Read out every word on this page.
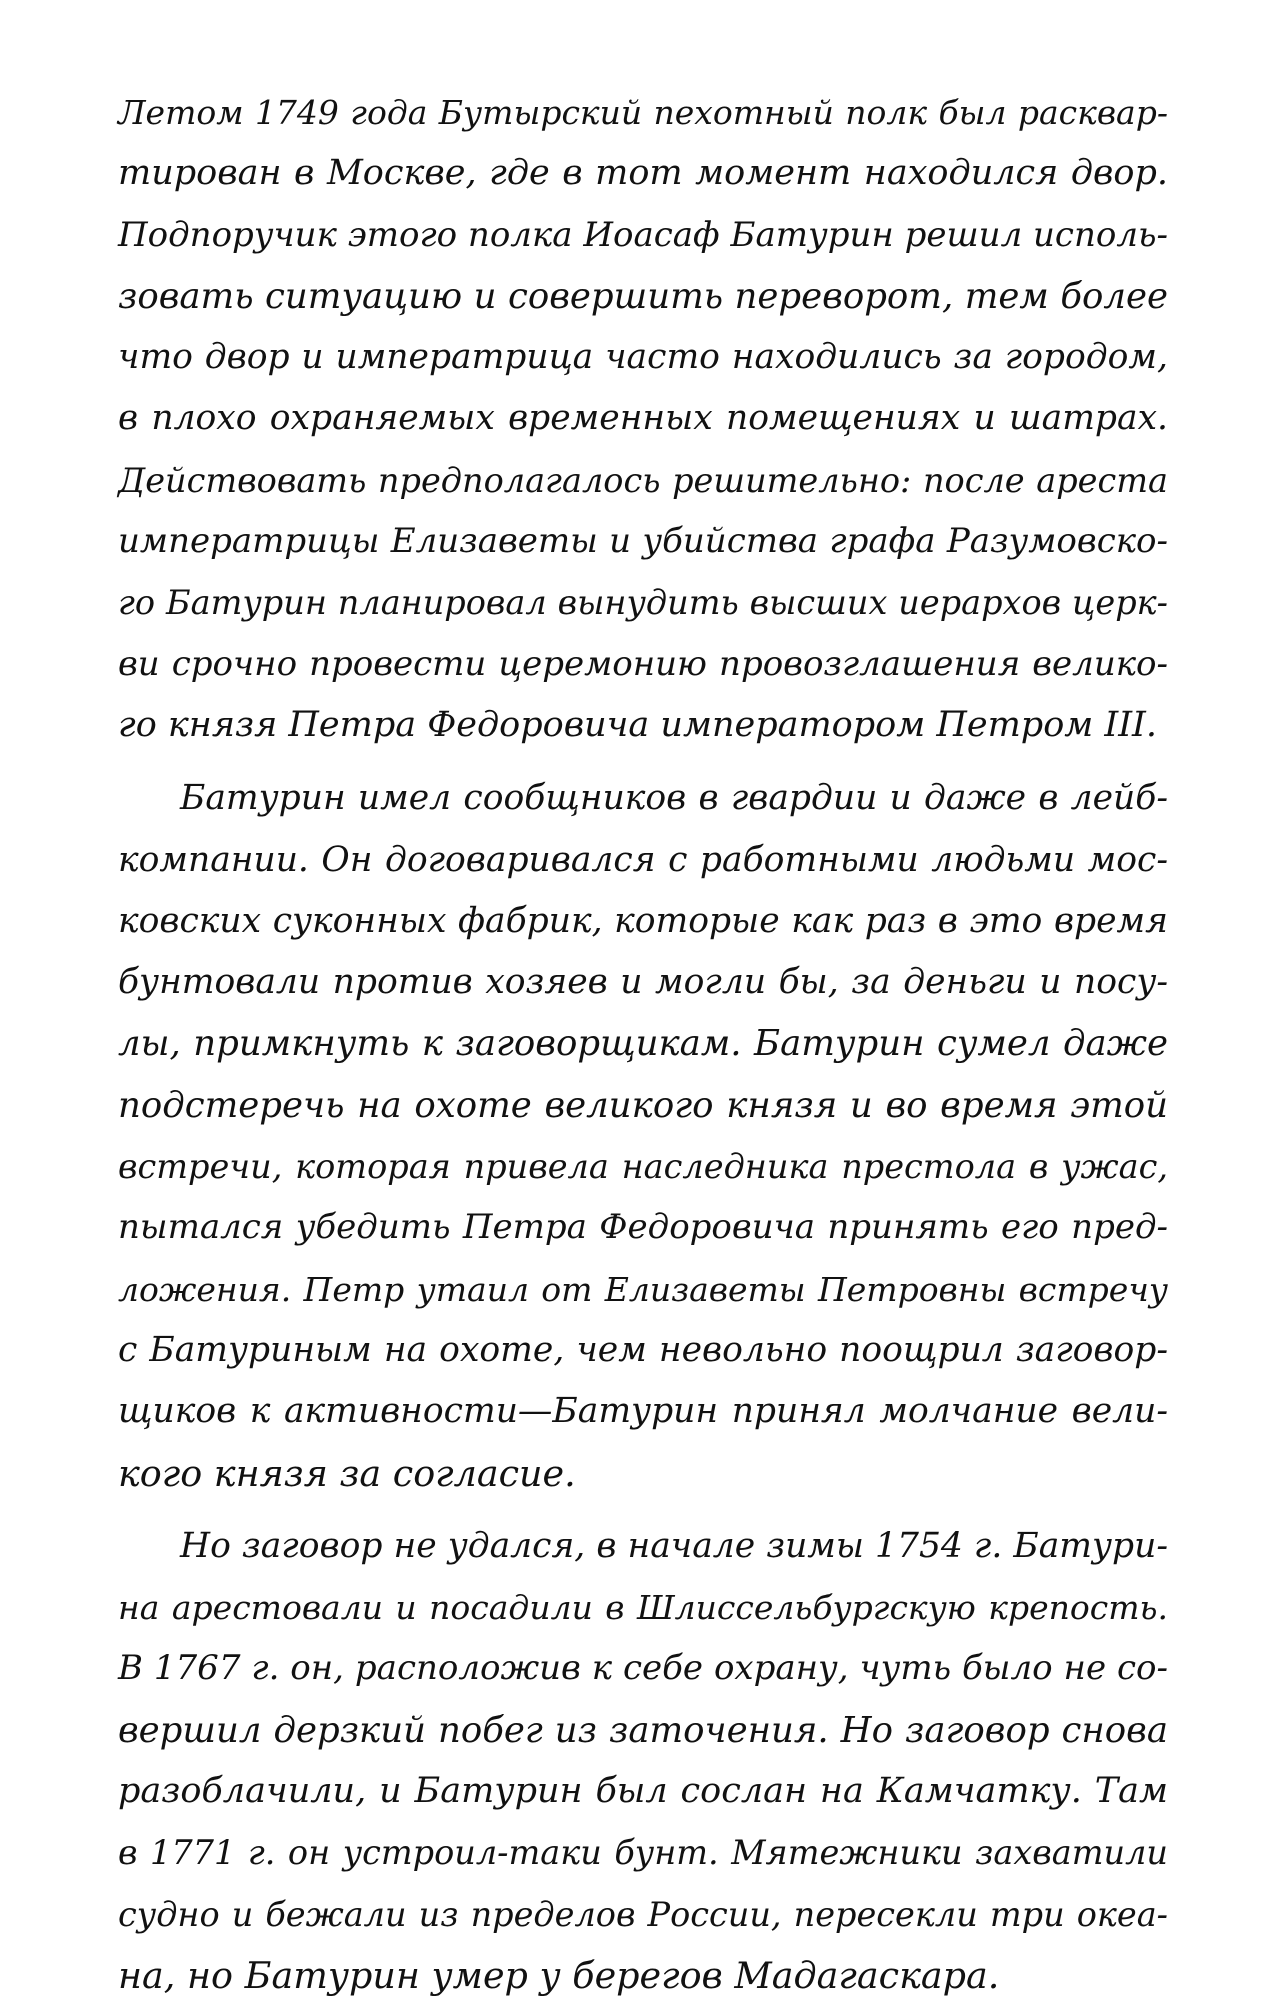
Летом 1749 года Бутырский пехотный полк был расквар-
тирован в Москве, где в тот момент находился двор.
Подпоручик этого полка Иоасаф Батурин решил исполь-
зовать ситуацию и совершить переворот, тем более
что двор и императрица часто находились за городом,
в плохо охраняемых временных помещениях и шатрах.
Действовать предполагалось решительно: после ареста
императрицы Елизаветы и убийства графа Разумовско-
го Батурин планировал вынудить высших иерархов церк-
ви срочно провести церемонию провозглашения велико-
го князя Петра Федоровича императором Петром III.
Батурин имел сообщников в гвардии и даже в лейб-
компании. Он договаривался с работными людьми мос-
ковских суконных фабрик, которые как раз в это время
бунтовали против хозяев и могли бы, за деньги и посу-
лы, примкнуть к заговорщикам. Батурин сумел даже
подстеречь на охоте великого князя и во время этой
встречи, которая привела наследника престола в ужас,
пытался убедить Петра Федоровича принять его пред-
ложения. Петр утаил от Елизаветы Петровны встречу
с Батуриным на охоте, чем невольно поощрил заговор-
щиков к активности—Батурин принял молчание вели-
кого князя за согласие.
Но заговор не удался, в начале зимы 1754 г. Батури-
на арестовали и посадили в Шлиссельбургскую крепость.
В 1767 г. он, расположив к себе охрану, чуть было не со-
вершил дерзкий побег из заточения. Но заговор снова
разоблачили, и Батурин был сослан на Камчатку. Там
в 1771 г. он устроил-таки бунт. Мятежники захватили
судно и бежали из пределов России, пересекли три океа-
на, но Батурин умер у берегов Мадагаскара.
